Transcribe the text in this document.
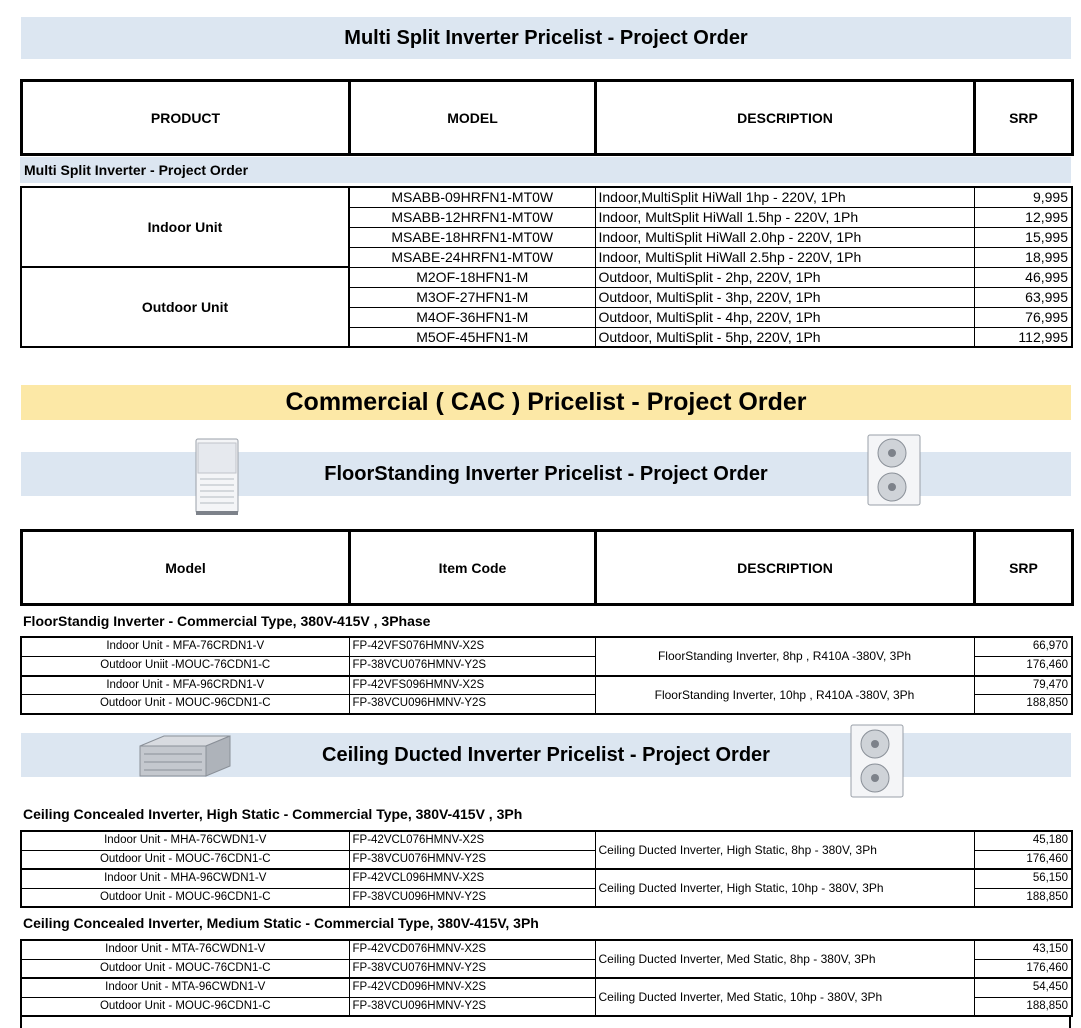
Multi Split Inverter Pricelist - Project Order
PRODUCT	MODEL	DESCRIPTION	SRP
Multi Split Inverter - Project Order
Indoor Unit	MSABB-09HRFN1-MT0W	Indoor,MultiSplit HiWall 1hp - 220V, 1Ph	9,995
	MSABB-12HRFN1-MT0W	Indoor, MultSplit HiWall 1.5hp - 220V, 1Ph	12,995
	MSABE-18HRFN1-MT0W	Indoor, MultiSplit HiWall 2.0hp - 220V, 1Ph	15,995
	MSABE-24HRFN1-MT0W	Indoor, MultiSplit HiWall 2.5hp - 220V, 1Ph	18,995
Outdoor Unit	M2OF-18HFN1-M	Outdoor, MultiSplit - 2hp, 220V, 1Ph	46,995
	M3OF-27HFN1-M	Outdoor, MultiSplit - 3hp, 220V, 1Ph	63,995
	M4OF-36HFN1-M	Outdoor, MultiSplit - 4hp, 220V, 1Ph	76,995
	M5OF-45HFN1-M	Outdoor, MultiSplit - 5hp, 220V, 1Ph	112,995
Commercial ( CAC ) Pricelist - Project Order
FloorStanding Inverter Pricelist - Project Order
Model	Item Code	DESCRIPTION	SRP
FloorStandig Inverter - Commercial Type, 380V-415V , 3Phase
Indoor Unit - MFA-76CRDN1-V	FP-42VFS076HMNV-X2S	FloorStanding Inverter, 8hp , R410A -380V, 3Ph	66,970
Outdoor Uniit -MOUC-76CDN1-C	FP-38VCU076HMNV-Y2S		176,460
Indoor Unit - MFA-96CRDN1-V	FP-42VFS096HMNV-X2S	FloorStanding Inverter, 10hp , R410A -380V, 3Ph	79,470
Outdoor Unit - MOUC-96CDN1-C	FP-38VCU096HMNV-Y2S		188,850
Ceiling Ducted Inverter Pricelist - Project Order
Ceiling Concealed Inverter, High Static - Commercial Type, 380V-415V , 3Ph
Indoor Unit - MHA-76CWDN1-V	FP-42VCL076HMNV-X2S	Ceiling Ducted Inverter, High Static, 8hp - 380V, 3Ph	45,180
Outdoor Unit - MOUC-76CDN1-C	FP-38VCU076HMNV-Y2S		176,460
Indoor Unit - MHA-96CWDN1-V	FP-42VCL096HMNV-X2S	Ceiling Ducted Inverter, High Static, 10hp - 380V, 3Ph	56,150
Outdoor Unit - MOUC-96CDN1-C	FP-38VCU096HMNV-Y2S		188,850
Ceiling Concealed Inverter, Medium Static - Commercial Type, 380V-415V, 3Ph
Indoor Unit - MTA-76CWDN1-V	FP-42VCD076HMNV-X2S	Ceiling Ducted Inverter, Med Static, 8hp - 380V, 3Ph	43,150
Outdoor Unit - MOUC-76CDN1-C	FP-38VCU076HMNV-Y2S		176,460
Indoor Unit - MTA-96CWDN1-V	FP-42VCD096HMNV-X2S	Ceiling Ducted Inverter, Med Static, 10hp - 380V, 3Ph	54,450
Outdoor Unit - MOUC-96CDN1-C	FP-38VCU096HMNV-Y2S		188,850
